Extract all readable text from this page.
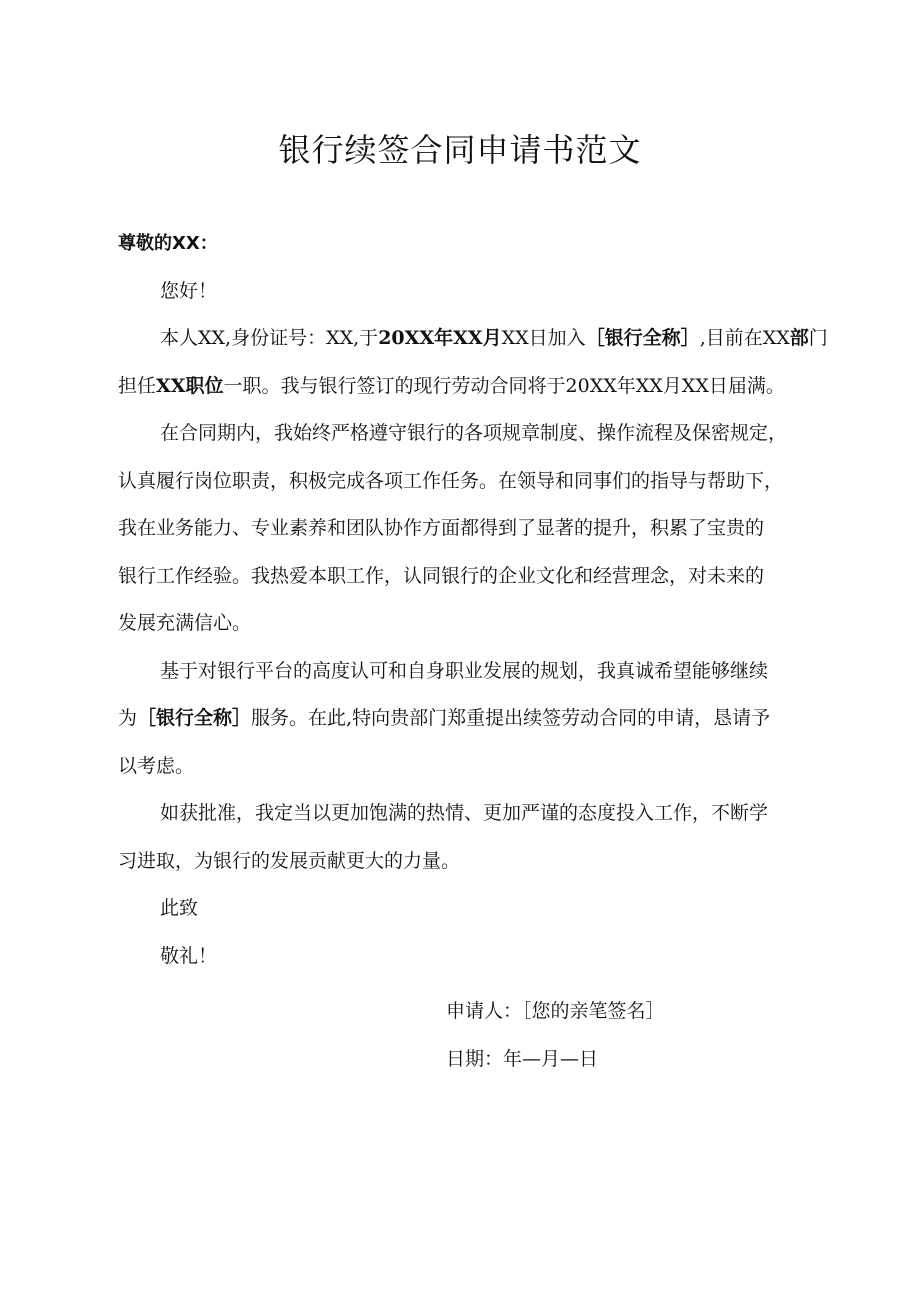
银行续签合同申请书范文

尊敬的XX：

您好！

本人XX,身份证号：XX,于20XX年XX月XX日加入［银行全称］,目前在XX部门

担任XX职位一职。我与银行签订的现行劳动合同将于20XX年XX月XX日届满。

在合同期内，我始终严格遵守银行的各项规章制度、操作流程及保密规定，

认真履行岗位职责，积极完成各项工作任务。在领导和同事们的指导与帮助下，

我在业务能力、专业素养和团队协作方面都得到了显著的提升，积累了宝贵的

银行工作经验。我热爱本职工作，认同银行的企业文化和经营理念，对未来的

发展充满信心。

基于对银行平台的高度认可和自身职业发展的规划，我真诚希望能够继续

为［银行全称］服务。在此,特向贵部门郑重提出续签劳动合同的申请，恳请予

以考虑。

如获批准，我定当以更加饱满的热情、更加严谨的态度投入工作，不断学

习进取，为银行的发展贡献更大的力量。

此致

敬礼！

申请人：［您的亲笔签名］

日期：年—月—日
